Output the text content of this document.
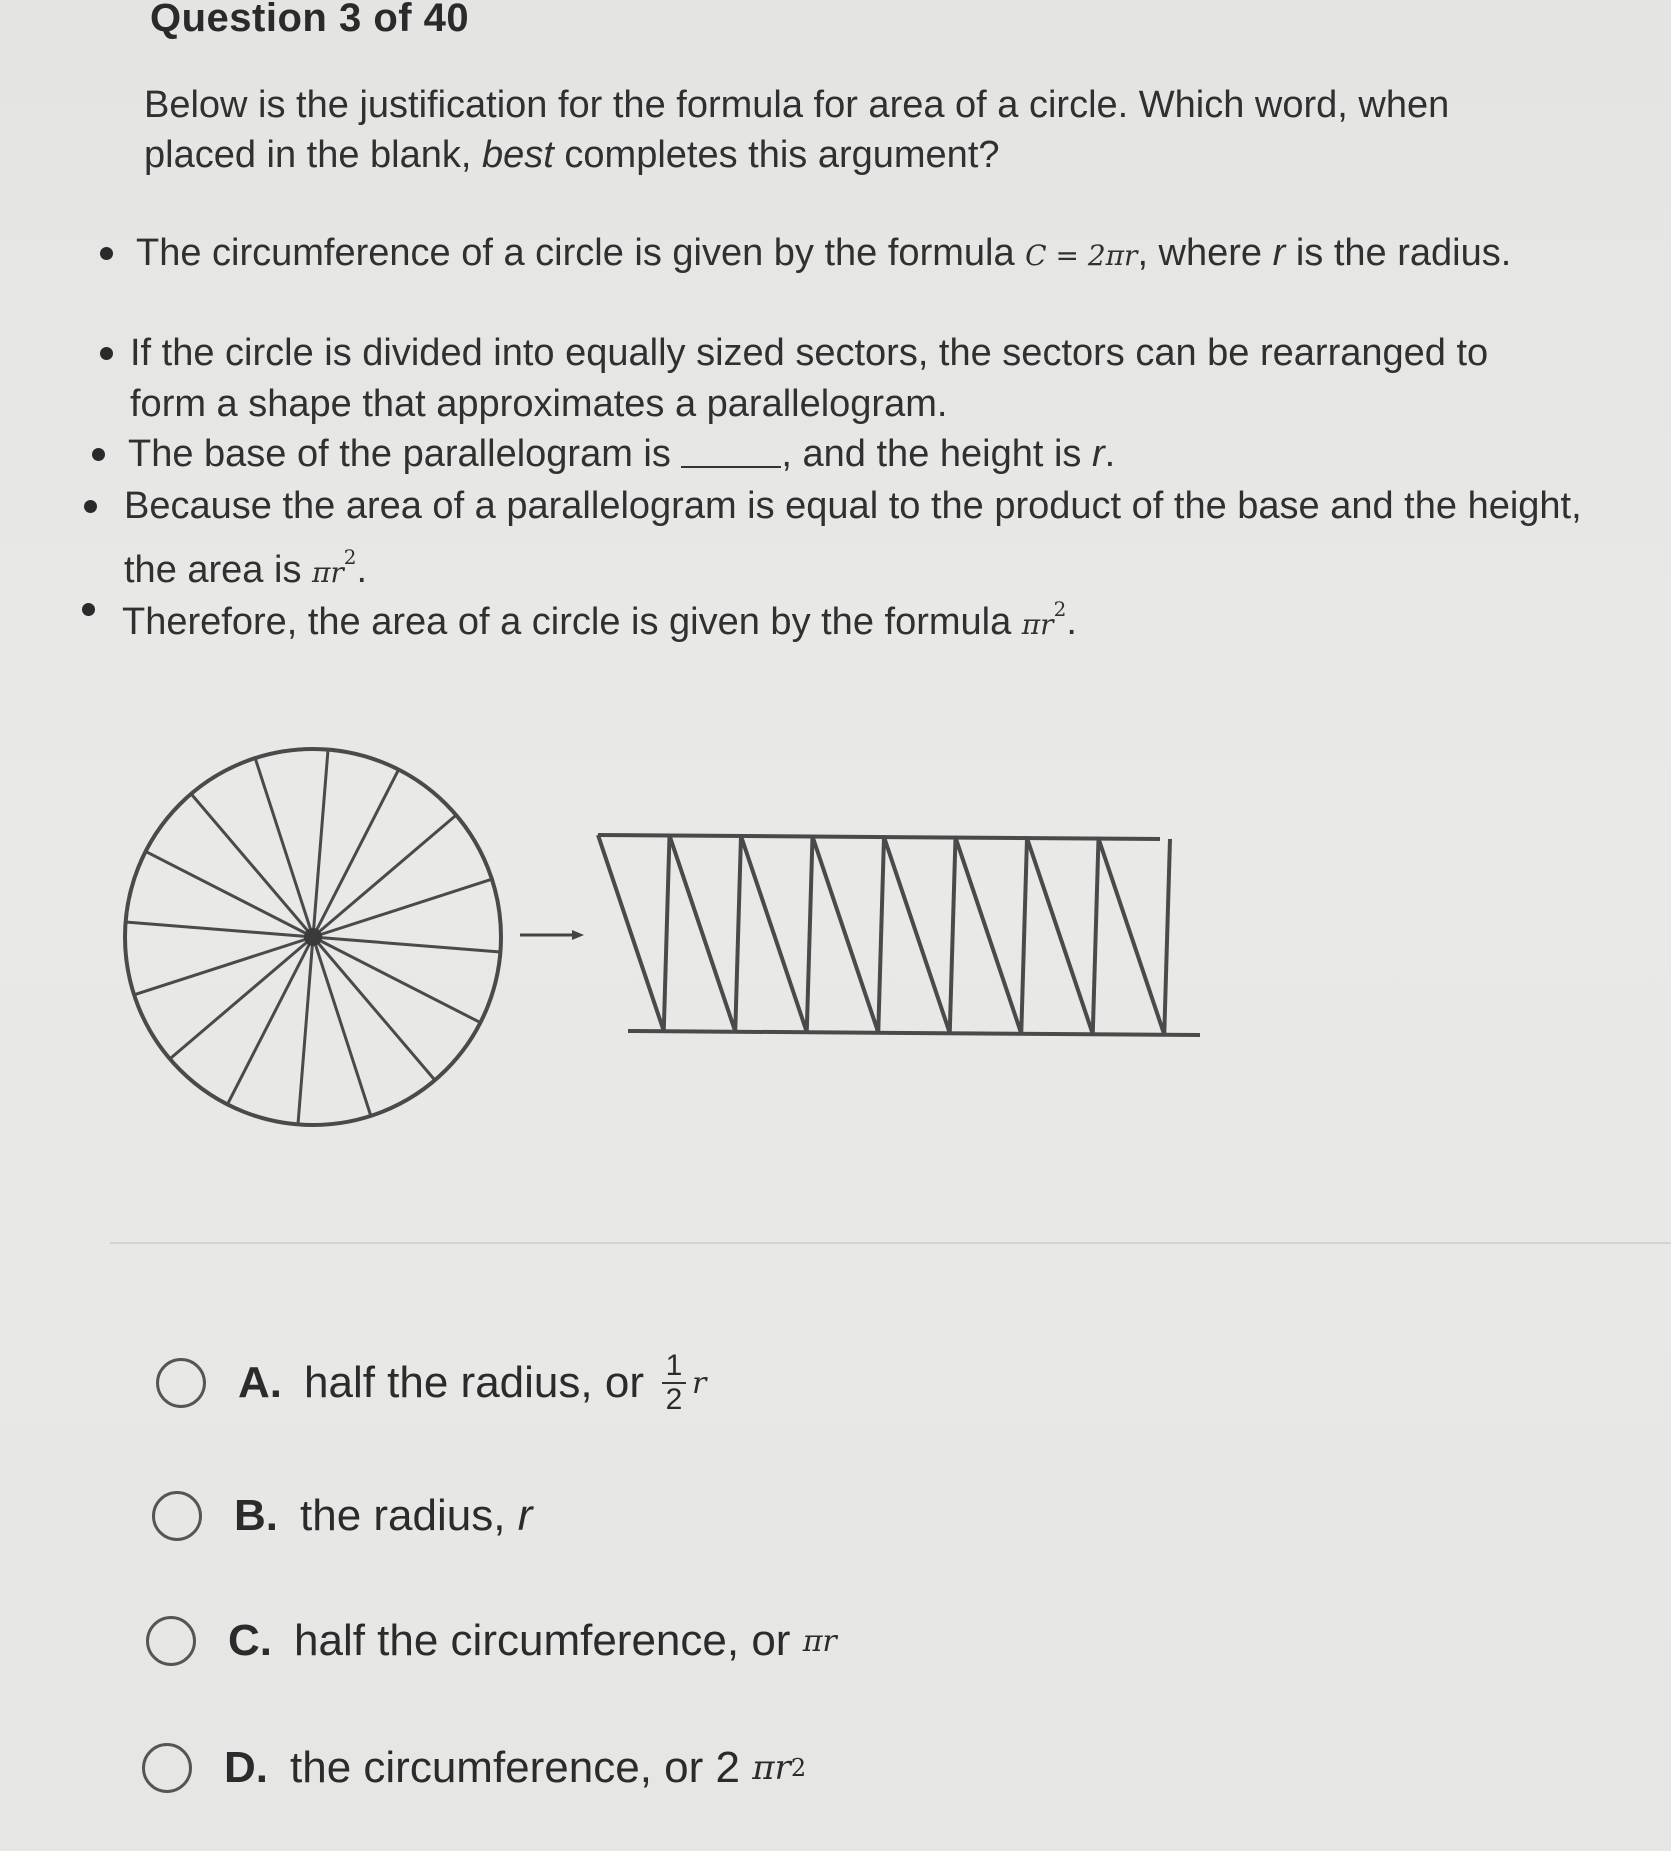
Question 3 of 40
Below is the justification for the formula for area of a circle. Which word, when placed in the blank, best completes this argument?
The circumference of a circle is given by the formula C = 2πr, where r is the radius.
If the circle is divided into equally sized sectors, the sectors can be rearranged to form a shape that approximates a parallelogram.
The base of the parallelogram is	, and the height is r.
Because the area of a parallelogram is equal to the product of the base and the height, the area is $\pi r^2$.
Therefore, the area of a circle is given by the formula $\pi r^2$.
A. half the radius, or $\frac{1}{2}$ r
B. the radius,
r
C. half the circumference, or
πr
D. the circumference, or 2
πr 2
